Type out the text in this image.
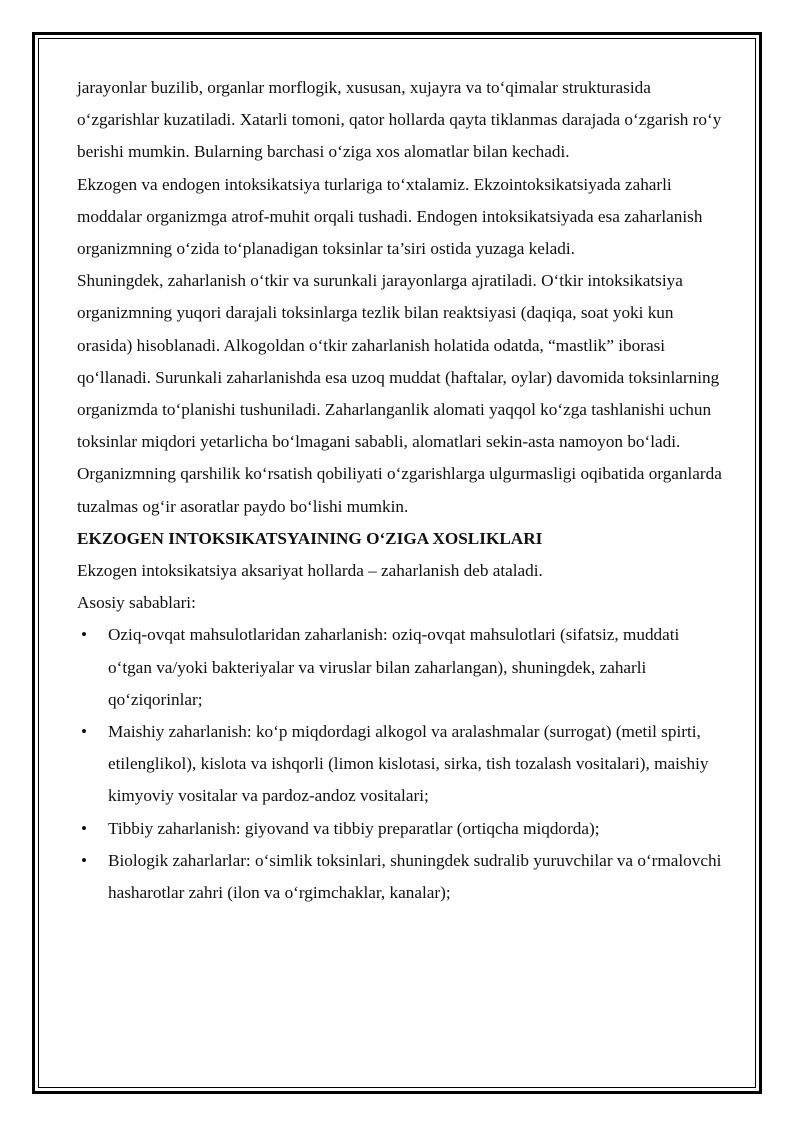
jarayonlar buzilib, organlar morflogik, xususan, xujayra va to‘qimalar strukturasida o‘zgarishlar kuzatiladi. Xatarli tomoni, qator hollarda qayta tiklanmas darajada o‘zgarish ro‘y berishi mumkin. Bularning barchasi o‘ziga xos alomatlar bilan kechadi.

Ekzogen va endogen intoksikatsiya turlariga to‘xtalamiz. Ekzointoksikatsiyada zaharli moddalar organizmga atrof-muhit orqali tushadi. Endogen intoksikatsiyada esa zaharlanish organizmning o‘zida to‘planadigan toksinlar ta’siri ostida yuzaga keladi.

Shuningdek, zaharlanish o‘tkir va surunkali jarayonlarga ajratiladi. O‘tkir intoksikatsiya organizmning yuqori darajali toksinlarga tezlik bilan reaktsiyasi (daqiqa, soat yoki kun orasida) hisoblanadi. Alkogoldan o‘tkir zaharlanish holatida odatda, “mastlik” iborasi qo‘llanadi. Surunkali zaharlanishda esa uzoq muddat (haftalar, oylar) davomida toksinlarning organizmda to‘planishi tushuniladi. Zaharlanganlik alomati yaqqol ko‘zga tashlanishi uchun toksinlar miqdori yetarlicha bo‘lmagani sababli, alomatlari sekin-asta namoyon bo‘ladi. Organizmning qarshilik ko‘rsatish qobiliyati o‘zgarishlarga ulgurmasligi oqibatida organlarda tuzalmas og‘ir asoratlar paydo bo‘lishi mumkin.

EKZOGEN INTOKSIKATSYAINING O‘ZIGA XOSLIKLARI

Ekzogen intoksikatsiya aksariyat hollarda – zaharlanish deb ataladi.

Asosiy sabablari:

• Oziq-ovqat mahsulotlaridan zaharlanish: oziq-ovqat mahsulotlari (sifatsiz, muddati o‘tgan va/yoki bakteriyalar va viruslar bilan zaharlangan), shuningdek, zaharli qo‘ziqorinlar;
• Maishiy zaharlanish: ko‘p miqdordagi alkogol va aralashmalar (surrogat) (metil spirti, etilenglikol), kislota va ishqorli (limon kislotasi, sirka, tish tozalash vositalari), maishiy kimyoviy vositalar va pardoz-andoz vositalari;
• Tibbiy zaharlanish: giyovand va tibbiy preparatlar (ortiqcha miqdorda);
• Biologik zaharlarlar: o‘simlik toksinlari, shuningdek sudralib yuruvchilar va o‘rmalovchi hasharotlar zahri (ilon va o‘rgimchaklar, kanalar);
